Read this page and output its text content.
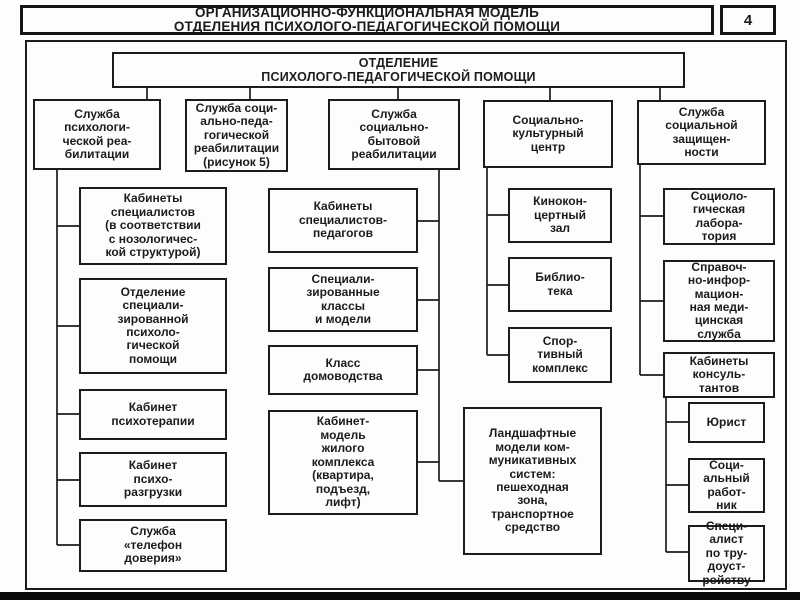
ОРГАНИЗАЦИОННО-ФУНКЦИОНАЛЬНАЯ МОДЕЛЬ
ОТДЕЛЕНИЯ ПСИХОЛОГО-ПЕДАГОГИЧЕСКОЙ ПОМОЩИ	4
ОТДЕЛЕНИЕ
ПСИХОЛОГО-ПЕДАГОГИЧЕСКОЙ ПОМОЩИ
Служба
психологи-
ческой реа-
билитации
Служба соци-
ально-педа-
гогической
реабилитации
(рисунок 5)
Служба
социально-
бытовой
реабилитации
Социально-
культурный
центр
Служба
социальной
защищен-
ности
Кабинеты
специалистов
(в соответствии
с нозологичес-
кой структурой)
Отделение
специали-
зированной
психоло-
гической
помощи
Кабинет
психотерапии
Кабинет
психо-
разгрузки
Служба
«телефон
доверия»
Кабинеты
специалистов-
педагогов
Специали-
зированные
классы
и модели
Класс
домоводства
Кабинет-
модель
жилого
комплекса
(квартира,
подъезд,
лифт)
Ландшафтные
модели ком-
муникативных
систем:
пешеходная
зона,
транспортное
средство
Кинокон-
цертный
зал
Библио-
тека
Спор-
тивный
комплекс
Социоло-
гическая
лабора-
тория
Справоч-
но-инфор-
мацион-
ная меди-
цинская
служба
Кабинеты
консуль-
тантов
Юрист
Соци-
альный
работ-
ник
Специ-
алист
по тру-
доуст-
ройству
